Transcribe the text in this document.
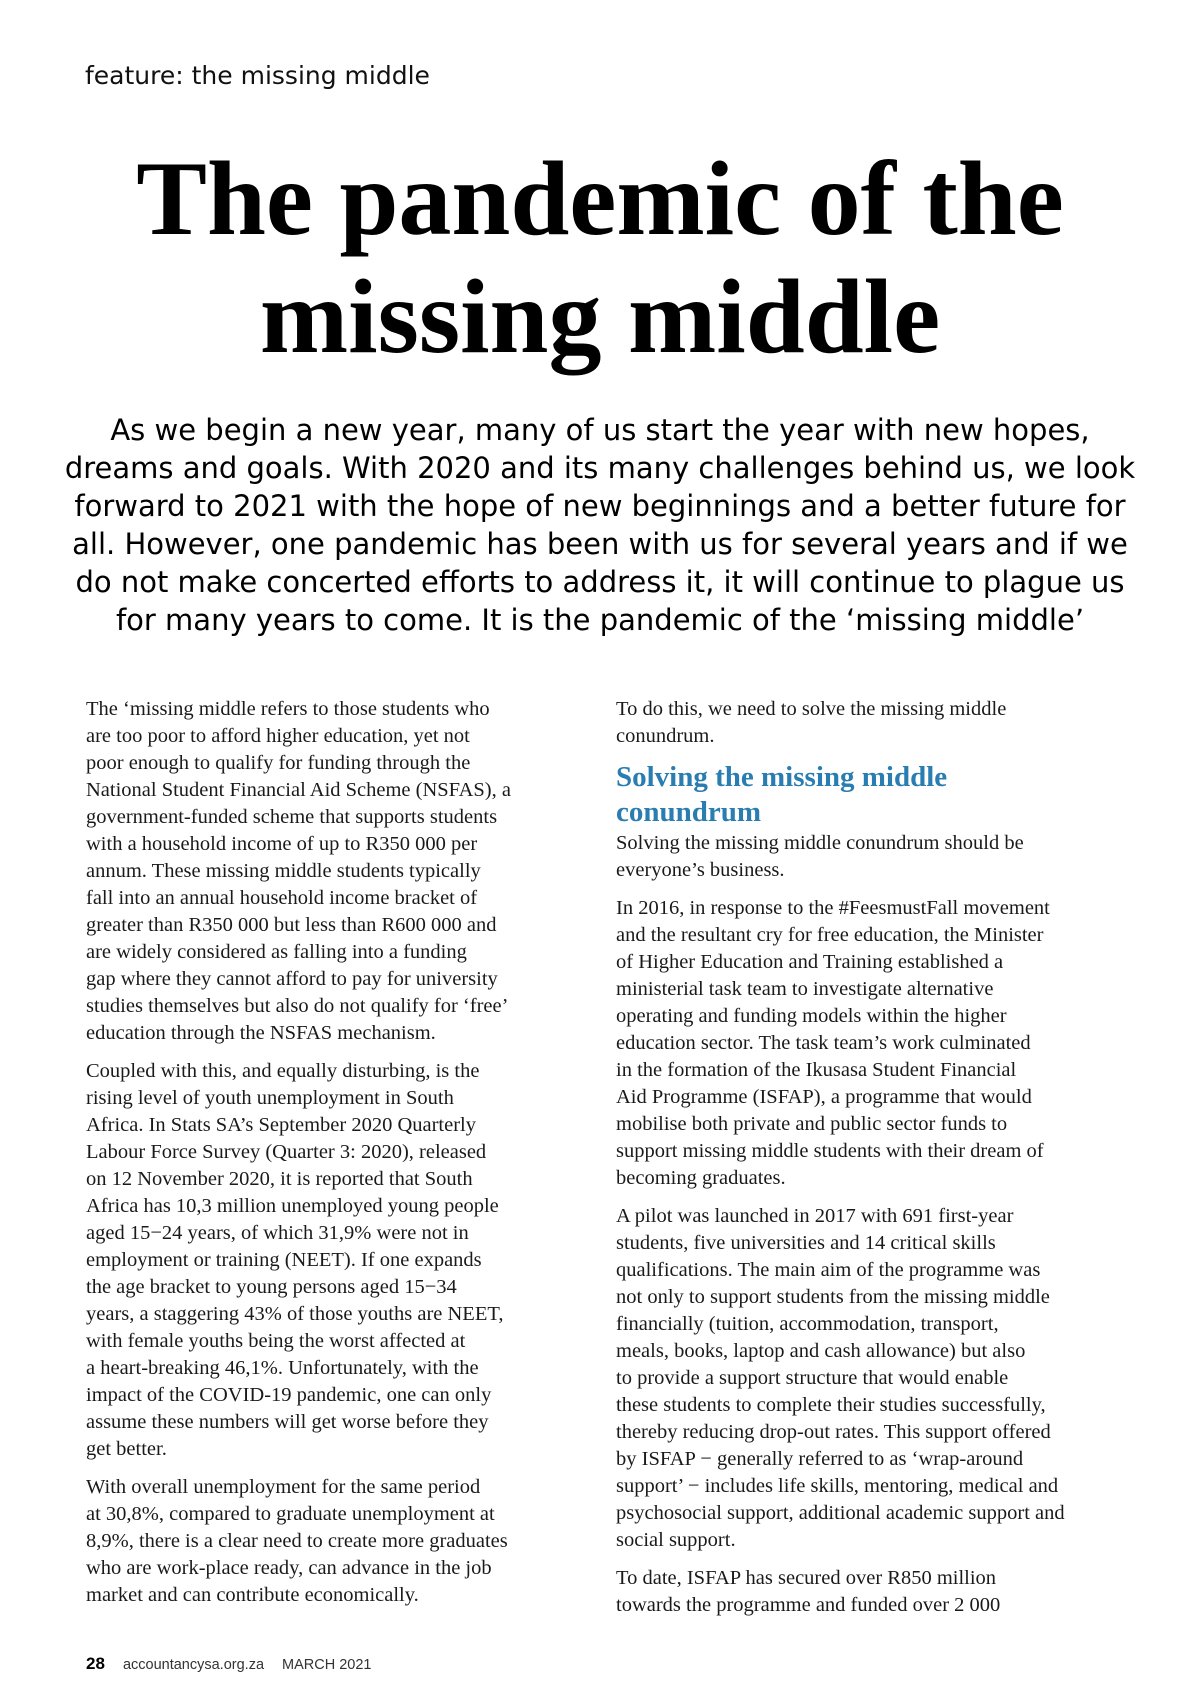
feature: the missing middle
The pandemic of the
missing middle
As we begin a new year, many of us start the year with new hopes,
dreams and goals. With 2020 and its many challenges behind us, we look
forward to 2021 with the hope of new beginnings and a better future for
all. However, one pandemic has been with us for several years and if we
do not make concerted efforts to address it, it will continue to plague us
for many years to come. It is the pandemic of the ‘missing middle’

The ‘missing middle refers to those students who
are too poor to afford higher education, yet not
poor enough to qualify for funding through the
National Student Financial Aid Scheme (NSFAS), a
government-funded scheme that supports students
with a household income of up to R350 000 per
annum. These missing middle students typically
fall into an annual household income bracket of
greater than R350 000 but less than R600 000 and
are widely considered as falling into a funding
gap where they cannot afford to pay for university
studies themselves but also do not qualify for ‘free’
education through the NSFAS mechanism.

Coupled with this, and equally disturbing, is the
rising level of youth unemployment in South
Africa. In Stats SA’s September 2020 Quarterly
Labour Force Survey (Quarter 3: 2020), released
on 12 November 2020, it is reported that South
Africa has 10,3 million unemployed young people
aged 15−24 years, of which 31,9% were not in
employment or training (NEET). If one expands
the age bracket to young persons aged 15−34
years, a staggering 43% of those youths are NEET,
with female youths being the worst affected at
a heart-breaking 46,1%. Unfortunately, with the
impact of the COVID-19 pandemic, one can only
assume these numbers will get worse before they
get better.

With overall unemployment for the same period
at 30,8%, compared to graduate unemployment at
8,9%, there is a clear need to create more graduates
who are work-place ready, can advance in the job
market and can contribute economically.

To do this, we need to solve the missing middle
conundrum.

Solving the missing middle
conundrum

Solving the missing middle conundrum should be
everyone’s business.

In 2016, in response to the #FeesmustFall movement
and the resultant cry for free education, the Minister
of Higher Education and Training established a
ministerial task team to investigate alternative
operating and funding models within the higher
education sector. The task team’s work culminated
in the formation of the Ikusasa Student Financial
Aid Programme (ISFAP), a programme that would
mobilise both private and public sector funds to
support missing middle students with their dream of
becoming graduates.

A pilot was launched in 2017 with 691 first-year
students, five universities and 14 critical skills
qualifications. The main aim of the programme was
not only to support students from the missing middle
financially (tuition, accommodation, transport,
meals, books, laptop and cash allowance) but also
to provide a support structure that would enable
these students to complete their studies successfully,
thereby reducing drop-out rates. This support offered
by ISFAP − generally referred to as ‘wrap-around
support’ − includes life skills, mentoring, medical and
psychosocial support, additional academic support and
social support.

To date, ISFAP has secured over R850 million
towards the programme and funded over 2 000

28 accountancysa.org.za MARCH 2021
